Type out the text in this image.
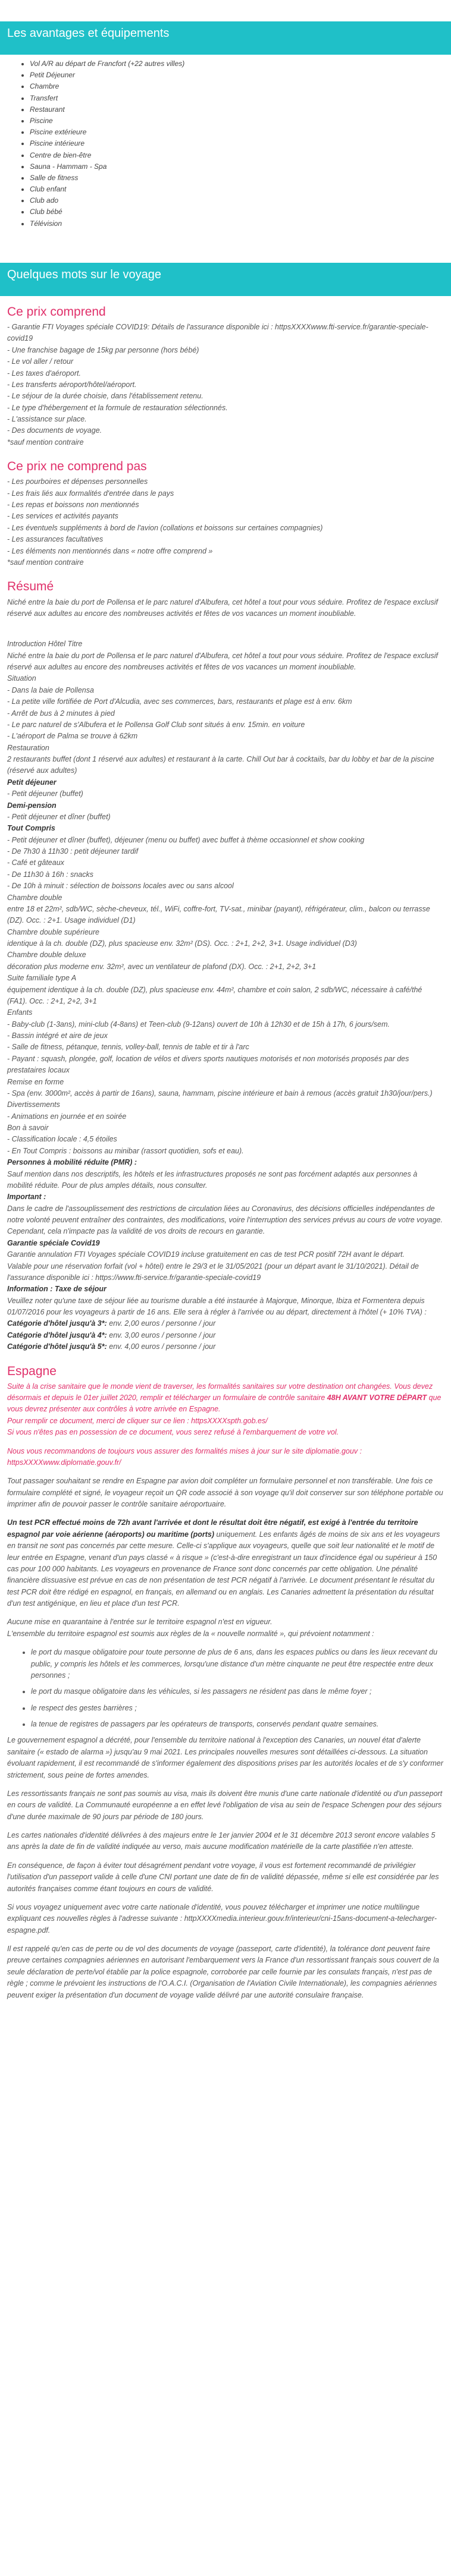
Les avantages et équipements
• Vol A/R au départ de Francfort (+22 autres villes)
• Petit Déjeuner
• Chambre
• Transfert
• Restaurant
• Piscine
• Piscine extérieure
• Piscine intérieure
• Centre de bien-être
• Sauna - Hammam - Spa
• Salle de fitness
• Club enfant
• Club ado
• Club bébé
• Télévision
Quelques mots sur le voyage
Ce prix comprend

- Garantie FTI Voyages spéciale COVID19: Détails de l'assurance disponible ici : httpsXXXXwww.fti-service.fr/garantie-speciale-covid19

- Une franchise bagage de 15kg par personne (hors bébé)

- Le vol aller / retour

- Les taxes d'aéroport.

- Les transferts aéroport/hôtel/aéroport.

- Le séjour de la durée choisie, dans l'établissement retenu.

- Le type d'hébergement et la formule de restauration sélectionnés.

- L'assistance sur place.

- Des documents de voyage.

*sauf mention contraire

Ce prix ne comprend pas

- Les pourboires et dépenses personnelles

- Les frais liés aux formalités d'entrée dans le pays

- Les repas et boissons non mentionnés

- Les services et activités payants

- Les éventuels suppléments à bord de l'avion (collations et boissons sur certaines compagnies)

- Les assurances facultatives

- Les éléments non mentionnés dans « notre offre comprend »

*sauf mention contraire

Résumé

Niché entre la baie du port de Pollensa et le parc naturel d'Albufera, cet hôtel a tout pour vous séduire. Profitez de l'espace exclusif réservé aux adultes au encore des nombreuses activités et fêtes de vos vacances un moment inoubliable.

Introduction Hôtel Titre

Niché entre la baie du port de Pollensa et le parc naturel d'Albufera, cet hôtel a tout pour vous séduire. Profitez de l'espace exclusif réservé aux adultes au encore des nombreuses activités et fêtes de vos vacances un moment inoubliable.

Situation

- Dans la baie de Pollensa

- La petite ville fortifiée de Port d'Alcudia, avec ses commerces, bars, restaurants et plage est à env. 6km

- Arrêt de bus à 2 minutes à pied

- Le parc naturel de s'Albufera et le Pollensa Golf Club sont situés à env. 15min. en voiture

- L'aéroport de Palma se trouve à 62km

Restauration

2 restaurants buffet (dont 1 réservé aux adultes) et restaurant à la carte. Chill Out bar à cocktails, bar du lobby et bar de la piscine (réservé aux adultes)

Petit déjeuner

- Petit déjeuner (buffet)

Demi-pension

- Petit déjeuner et dîner (buffet)

Tout Compris

- Petit déjeuner et dîner (buffet), déjeuner (menu ou buffet) avec buffet à thème occasionnel et show cooking

- De 7h30 à 11h30 : petit déjeuner tardif

- Café et gâteaux

- De 11h30 à 16h : snacks

- De 10h à minuit : sélection de boissons locales avec ou sans alcool

Chambre double

entre 18 et 22m², sdb/WC, sèche-cheveux, tél., WiFi, coffre-fort, TV-sat., minibar (payant), réfrigérateur, clim., balcon ou terrasse (DZ). Occ. : 2+1. Usage individuel (D1)

Chambre double supérieure

identique à la ch. double (DZ), plus spacieuse env. 32m² (DS). Occ. : 2+1, 2+2, 3+1. Usage individuel (D3)

Chambre double deluxe

décoration plus moderne env. 32m², avec un ventilateur de plafond (DX). Occ. : 2+1, 2+2, 3+1

Suite familiale type A

équipement identique à la ch. double (DZ), plus spacieuse env. 44m², chambre et coin salon, 2 sdb/WC, nécessaire à café/thé (FA1). Occ. : 2+1, 2+2, 3+1

Enfants

- Baby-club (1-3ans), mini-club (4-8ans) et Teen-club (9-12ans) ouvert de 10h à 12h30 et de 15h à 17h, 6 jours/sem.

- Bassin intégré et aire de jeux

- Salle de fitness, pétanque, tennis, volley-ball, tennis de table et tir à l'arc

- Payant : squash, plongée, golf, location de vélos et divers sports nautiques motorisés et non motorisés proposés par des prestataires locaux

Remise en forme

- Spa (env. 3000m², accès à partir de 16ans), sauna, hammam, piscine intérieure et bain à remous (accès gratuit 1h30/jour/pers.)

Divertissements

- Animations en journée et en soirée

Bon à savoir

- Classification locale : 4,5 étoiles

- En Tout Compris : boissons au minibar (rassort quotidien, sofs et eau).

Personnes à mobilité réduite (PMR) :

Sauf mention dans nos descriptifs, les hôtels et les infrastructures proposés ne sont pas forcément adaptés aux personnes à mobilité réduite. Pour de plus amples détails, nous consulter.

Important :

Dans le cadre de l'assouplissement des restrictions de circulation liées au Coronavirus, des décisions officielles indépendantes de notre volonté peuvent entraîner des contraintes, des modifications, voire l'interruption des services prévus au cours de votre voyage.

Cependant, cela n'impacte pas la validité de vos droits de recours en garantie.

Garantie spéciale Covid19

Garantie annulation FTI Voyages spéciale COVID19 incluse gratuitement en cas de test PCR positif 72H avant le départ.

Valable pour une réservation forfait (vol + hôtel) entre le 29/3 et le 31/05/2021 (pour un départ avant le 31/10/2021). Détail de l'assurance disponible ici : https://www.fti-service.fr/garantie-speciale-covid19

Information : Taxe de séjour

Veuillez noter qu'une taxe de séjour liée au tourisme durable a été instaurée à Majorque, Minorque, Ibiza et Formentera depuis 01/07/2016 pour les voyageurs à partir de 16 ans. Elle sera à régler à l'arrivée ou au départ, directement à l'hôtel (+ 10% TVA) :

Catégorie d'hôtel jusqu'à 3*: env. 2,00 euros / personne / jour

Catégorie d'hôtel jusqu'à 4*: env. 3,00 euros / personne / jour

Catégorie d'hôtel jusqu'à 5*: env. 4,00 euros / personne / jour

Espagne

Suite à la crise sanitaire que le monde vient de traverser, les formalités sanitaires sur votre destination ont changées. Vous devez désormais et depuis le 01er juillet 2020, remplir et télécharger un formulaire de contrôle sanitaire 48H AVANT VOTRE DÉPART que vous devrez présenter aux contrôles à votre arrivée en Espagne.
Pour remplir ce document, merci de cliquer sur ce lien : httpsXXXXspth.gob.es/
Si vous n'êtes pas en possession de ce document, vous serez refusé à l'embarquement de votre vol.

Nous vous recommandons de toujours vous assurer des formalités mises à jour sur le site diplomatie.gouv : httpsXXXXwww.diplomatie.gouv.fr/

Tout passager souhaitant se rendre en Espagne par avion doit compléter un formulaire personnel et non transférable. Une fois ce formulaire complété et signé, le voyageur reçoit un QR code associé à son voyage qu'il doit conserver sur son téléphone portable ou imprimer afin de pouvoir passer le contrôle sanitaire aéroportuaire.

Un test PCR effectué moins de 72h avant l'arrivée et dont le résultat doit être négatif, est exigé à l'entrée du territoire espagnol par voie aérienne (aéroports) ou maritime (ports) uniquement. Les enfants âgés de moins de six ans et les voyageurs en transit ne sont pas concernés par cette mesure. Celle-ci s'applique aux voyageurs, quelle que soit leur nationalité et le motif de leur entrée en Espagne, venant d'un pays classé « à risque » (c'est-à-dire enregistrant un taux d'incidence égal ou supérieur à 150 cas pour 100 000 habitants. Les voyageurs en provenance de France sont donc concernés par cette obligation. Une pénalité financière dissuasive est prévue en cas de non présentation de test PCR négatif à l'arrivée. Le document présentant le résultat du test PCR doit être rédigé en espagnol, en français, en allemand ou en anglais. Les Canaries admettent la présentation du résultat d'un test antigénique, en lieu et place d'un test PCR.

Aucune mise en quarantaine à l'entrée sur le territoire espagnol n'est en vigueur.

L'ensemble du territoire espagnol est soumis aux règles de la « nouvelle normalité », qui prévoient notamment :

• le port du masque obligatoire pour toute personne de plus de 6 ans, dans les espaces publics ou dans les lieux recevant du public, y compris les hôtels et les commerces, lorsqu'une distance d'un mètre cinquante ne peut être respectée entre deux personnes ;
• le port du masque obligatoire dans les véhicules, si les passagers ne résident pas dans le même foyer ;
• le respect des gestes barrières ;
• la tenue de registres de passagers par les opérateurs de transports, conservés pendant quatre semaines.

Le gouvernement espagnol a décrété, pour l'ensemble du territoire national à l'exception des Canaries, un nouvel état d'alerte sanitaire (« estado de alarma ») jusqu'au 9 mai 2021. Les principales nouvelles mesures sont détaillées ci-dessous. La situation évoluant rapidement, il est recommandé de s'informer également des dispositions prises par les autorités locales et de s'y conformer strictement, sous peine de fortes amendes.

Les ressortissants français ne sont pas soumis au visa, mais ils doivent être munis d'une carte nationale d'identité ou d'un passeport en cours de validité. La Communauté européenne a en effet levé l'obligation de visa au sein de l'espace Schengen pour des séjours d'une durée maximale de 90 jours par période de 180 jours.

Les cartes nationales d'identité délivrées à des majeurs entre le 1er janvier 2004 et le 31 décembre 2013 seront encore valables 5 ans après la date de fin de validité indiquée au verso, mais aucune modification matérielle de la carte plastifiée n'en atteste.

En conséquence, de façon à éviter tout désagrément pendant votre voyage, il vous est fortement recommandé de privilégier l'utilisation d'un passeport valide à celle d'une CNI portant une date de fin de validité dépassée, même si elle est considérée par les autorités françaises comme étant toujours en cours de validité.

Si vous voyagez uniquement avec votre carte nationale d'identité, vous pouvez télécharger et imprimer une notice multilingue expliquant ces nouvelles règles à l'adresse suivante : httpXXXXmedia.interieur.gouv.fr/interieur/cni-15ans-document-a-telecharger-espagne.pdf.

Il est rappelé qu'en cas de perte ou de vol des documents de voyage (passeport, carte d'identité), la tolérance dont peuvent faire preuve certaines compagnies aériennes en autorisant l'embarquement vers la France d'un ressortissant français sous couvert de la seule déclaration de perte/vol établie par la police espagnole, corroborée par celle fournie par les consulats français, n'est pas de règle ; comme le prévoient les instructions de l'O.A.C.I. (Organisation de l'Aviation Civile Internationale), les compagnies aériennes peuvent exiger la présentation d'un document de voyage valide délivré par une autorité consulaire française.
